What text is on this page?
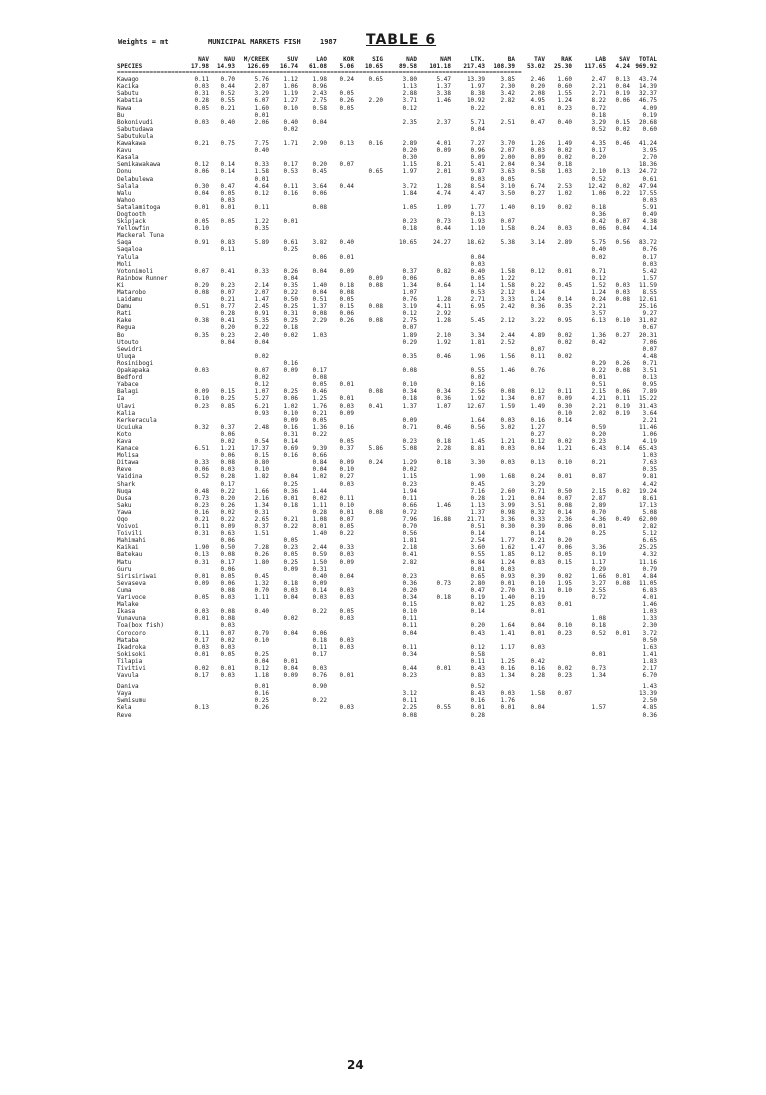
Weights = mt	MUNICIPAL MARKETS FISH	1987 TABLE 6
	NAV	NAU	M/CREEK	SUV	LAO	KOR	SIG	NAD	NAM	LTK.	BA	TAV	RAK	LAB	SAV	TOTAL
SPECIES	17.98	14.93	126.69	16.74	61.08	5.06	10.65	89.58	101.18	217.43	108.39	53.02	25.30	117.65	4.24	969.92
================================================================================================================																
Kawago	0.11	0.70	5.76	1.12	1.98	0.24	0.65	3.80	5.47	13.39	3.85	2.46	1.60	2.47	0.13	43.74
Kacika	0.03	0.44	2.07	1.06	0.96			1.13	1.37	1.97	2.30	0.20	0.60	2.21	0.04	14.39
Sabutu	0.31	0.52	3.29	1.19	2.43	0.05		2.88	3.38	8.38	3.42	2.08	1.55	2.71	0.19	32.37
Kabatia	0.28	0.55	6.07	1.27	2.75	0.26	2.20	3.71	1.46	10.92	2.82	4.95	1.24	8.22	0.06	46.75
Nawa	0.05	0.21	1.60	0.10	0.58	0.05		0.12		0.22		0.01	0.23	0.72		4.09
Bu			0.01											0.18		0.19
Bokonivudi	0.03	0.40	2.06	0.40	0.04			2.35	2.37	5.71	2.51	0.47	0.40	3.29	0.15	20.68
Sabutudawa				0.02						0.04				0.52	0.02	0.60
Sabutukula																
Kawakawa	0.21	0.75	7.75	1.71	2.90	0.13	0.16	2.89	4.01	7.27	3.70	1.26	1.49	4.35	0.46	41.24
Kavu			0.40					0.20	0.09	0.96	2.07	0.03	0.02	0.17		3.95
Kasala								0.30		0.09	2.00	0.09	0.02	0.20		2.70
Semikawakawa	0.12	0.14	0.33	0.17	0.20	0.07		1.15	8.21	5.41	2.04	0.34	0.18			18.36
Donu	0.06	0.14	1.58	0.53	0.45		0.65	1.97	2.01	9.87	3.63	0.58	1.03	2.10	0.13	24.72
Delabulewa			0.01							0.03	0.05			0.52		0.61
Salala	0.30	0.47	4.64	0.11	3.64	0.44		3.72	1.28	8.54	3.10	6.74	2.53	12.42	0.02	47.94
Walu	0.04	0.05	0.12	0.16	0.06			1.84	4.74	4.47	3.50	0.27	1.02	1.06	0.22	17.55
Wahoo		0.03														0.03
Satalamitoga	0.01	0.01	0.11		0.08			1.05	1.09	1.77	1.40	0.19	0.02	0.18		5.91
Dogtooth										0.13				0.36		0.49
Skipjack	0.05	0.05	1.22	0.01				0.23	0.73	1.93	0.07			0.42	0.07	4.38
Yellowfin	0.10		0.35					0.18	0.44	1.10	1.58	0.24	0.03	0.06	0.04	4.14
Mackeral Tuna																
Saqa	0.91	0.83	5.89	0.61	3.82	0.40		10.65	24.27	18.62	5.38	3.14	2.89	5.75	0.56	83.72
Saqaloa		0.11		0.25										0.40		0.76
Yalula					0.06	0.01				0.04				0.02		0.17
Moli										0.03						0.03
Votonimoli	0.07	0.41	0.33	0.26	0.04	0.09		0.37	0.82	0.40	1.58	0.12	0.01	0.71		5.42
Rainbow Runner				0.04			0.09	0.06		0.05	1.22			0.12		1.57
Ki	0.29	0.23	2.14	0.35	1.40	0.18	0.08	1.34	0.64	1.14	1.58	0.22	0.45	1.52	0.03	11.59
Matarobo	0.08	0.07	2.07	0.22	0.04	0.08		1.07		0.53	2.12	0.14		1.24	0.03	8.55
Laidamu		0.21	1.47	0.50	0.51	0.05		0.76	1.28	2.71	3.33	1.24	0.14	0.24	0.08	12.61
Damu	0.51	0.77	2.45	0.25	1.37	0.15	0.08	3.19	4.11	6.95	2.42	0.36	0.35	2.21		25.16
Rati		0.28	0.91	0.31	0.08	0.06		0.12	2.92					3.57		9.27
Kake	0.38	0.41	5.35	0.25	2.29	0.26	0.08	2.75	1.28	5.45	2.12	3.22	0.95	6.13	0.10	31.02
Regua		0.20	0.22	0.18				0.07								0.67
Bo	0.35	0.23	2.40	0.02	1.03			1.89	2.10	3.34	2.44	4.89	0.02	1.36	0.27	20.31
Utouto		0.04	0.04					0.29	1.92	1.81	2.52		0.02	0.42		7.06
Sewidri												0.07				0.07
Uluqa			0.02					0.35	0.46	1.96	1.56	0.11	0.02			4.48
Rosinibogi				0.16										0.29	0.26	0.71
Opakapaka	0.03		0.07	0.09	0.17			0.08		0.55	1.46	0.76		0.22	0.08	3.51
Bedford			0.02		0.08					0.02				0.01		0.13
Yabace			0.12		0.05	0.01		0.10		0.16				0.51		0.95
Balagi	0.09	0.15	1.07	0.25	0.46		0.08	0.34	0.34	2.56	0.08	0.12	0.11	2.15	0.06	7.89
Ia	0.10	0.25	5.27	0.06	1.25	0.01		0.18	0.36	1.92	1.34	0.07	0.09	4.21	0.11	15.22
Ulavi	0.23	0.85	6.21	1.02	1.76	0.03	0.41	1.37	1.07	12.67	1.59	1.49	0.30	2.21	0.19	31.43
Kalia			0.93	0.10	0.21	0.09							0.10	2.02	0.19	3.64
Kerkeracula				0.09	0.05			0.09		1.64	0.03	0.16	0.14			2.21
Ucuiuka	0.32	0.37	2.48	0.16	1.36	0.16		0.71	0.46	0.56	3.02	1.27		0.59		11.46
Koto		0.06		0.31	0.22							0.27		0.20		1.06
Kava		0.02	0.54	0.14		0.05		0.23	0.18	1.45	1.21	0.12	0.02	0.23		4.19
Kanace	6.51	1.21	17.37	0.69	9.39	0.37	5.86	5.08	2.28	8.81	0.03	0.04	1.21	6.43	0.14	65.43
Molisa		0.06	0.15	0.16	0.66											1.03
Ditawa	0.33	0.08	0.80		0.84	0.09	0.24	1.29	0.18	3.30	0.03	0.13	0.10	0.21		7.63
Reve	0.06	0.03	0.10		0.04	0.10		0.02								0.35
Vaidina	0.52	0.28	1.82	0.04	1.02	0.27		1.15		1.90	1.68	0.24	0.01	0.87		9.81
Shark		0.17		0.25		0.03		0.23		0.45		3.29				4.42
Nuqa	0.48	0.22	1.66	0.36	1.44			1.94		7.16	2.60	0.71	0.50	2.15	0.02	19.24
Dusa	0.73	0.20	2.16	0.01	0.02	0.11		0.11		0.28	1.21	0.04	0.07	2.87		8.61
Saku	0.23	0.26	1.34	0.18	1.11	0.10		0.66	1.46	1.13	3.99	3.51	0.08	2.89		17.13
Yawa	0.16	0.02	0.31		0.28	0.01	0.08	0.72		1.37	0.98	0.32	0.14	0.70		5.08
Oqo	0.21	0.22	2.65	0.21	1.08	0.07		7.96	16.88	21.71	3.36	0.33	2.36	4.36	0.49	62.00
Voivoi	0.11	0.09	0.37	0.22	0.01	0.05		0.70		0.51	0.30	0.39	0.06	0.01		2.82
Toivili	0.31	0.63	1.51		1.40	0.22		0.56		0.14		0.14		0.25		5.12
Mahimahi		0.06		0.05				1.81		2.54	1.77	0.21	0.20			6.65
Kaikai	1.90	0.50	7.28	0.23	2.44	0.33		2.18		3.60	1.62	1.47	0.06	3.36		25.25
Batekau	0.13	0.08	0.26	0.05	0.59	0.03		0.41		0.55	1.85	0.12	0.05	0.19		4.32
Matu	0.31	0.17	1.80	0.25	1.50	0.09		2.82		0.84	1.24	0.83	0.15	1.17		11.16
Guru		0.06		0.09	0.31					0.01	0.03			0.29		0.79
Sirisiriwai	0.01	0.05	0.45		0.40	0.04		0.23		0.65	0.93	0.39	0.02	1.66	0.01	4.84
Sevaseva	0.09	0.06	1.32	0.18	0.09			0.36	0.73	2.80	0.01	0.10	1.95	3.27	0.08	11.05
Cuma		0.08	0.70	0.03	0.14	0.03		0.20		0.47	2.70	0.31	0.10	2.55		6.83
Varivoce	0.05	0.03	1.11	0.04	0.03	0.03		0.34	0.18	0.19	1.40	0.19		0.72		4.01
Malake								0.15		0.02	1.25	0.03	0.01			1.46
Ikasa	0.03	0.08	0.40		0.22	0.05		0.10		0.14		0.01				1.03
Vunavuna	0.01	0.08		0.02		0.03		0.11						1.08		1.33
Toa(box fish)		0.03						0.11		0.20	1.64	0.04	0.10	0.18		2.30
Corocoro	0.11	0.07	0.79	0.04	0.06			0.04		0.43	1.41	0.01	0.23	0.52	0.01	3.72
Mataba	0.17	0.02	0.10		0.18	0.03										0.50
Ikadroka	0.03	0.03			0.11	0.03		0.11		0.12	1.17	0.03				1.63
Sokisoki	0.01	0.05	0.25		0.17			0.34		0.58				0.01		1.41
Tilapia			0.04	0.01						0.11	1.25	0.42				1.83
Tivitivi	0.02	0.01	0.12	0.04	0.03			0.44	0.01	0.43	0.16	0.16	0.02	0.73		2.17
Vavula	0.17	0.03	1.18	0.09	0.76	0.01		0.23		0.83	1.34	0.28	0.23	1.34		6.70

Daniva			0.01		0.90					0.52						1.43
Vaya			0.16					3.12		8.43	0.03	1.58	0.07			13.39
Swmisumu			0.25		0.22			0.11		0.16	1.76					2.50
Kela	0.13		0.26			0.03		2.25	0.55	0.01	0.01	0.04		1.57		4.85
Reve								0.08		0.28						0.36
24
